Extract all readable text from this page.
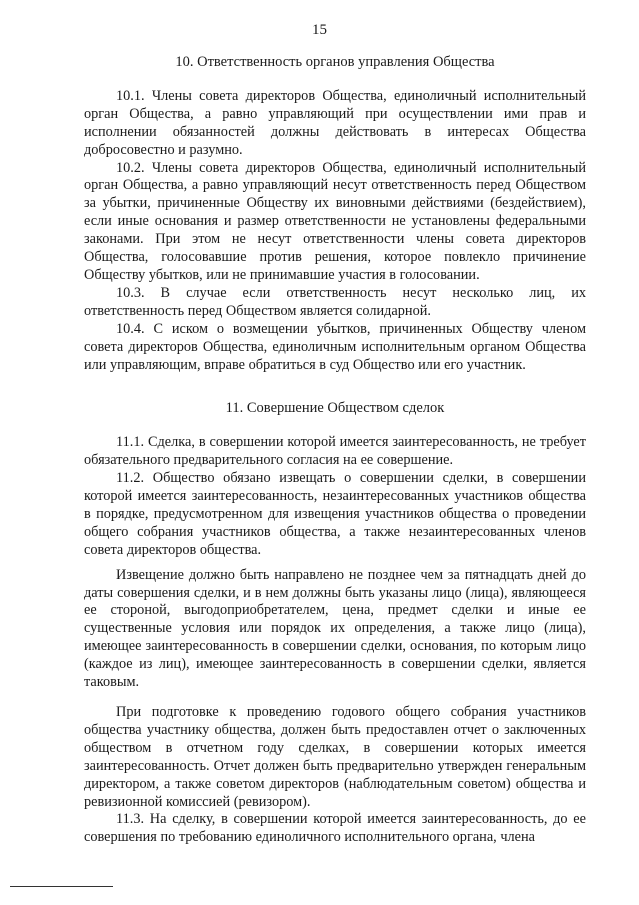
15
10. Ответственность органов управления Общества

10.1. Члены совета директоров Общества, единоличный исполнительный орган Общества, а равно управляющий при осуществлении ими прав и исполнении обязанностей должны действовать в интересах Общества добросовестно и разумно.

10.2. Члены совета директоров Общества, единоличный исполнительный орган Общества, а равно управляющий несут ответственность перед Обществом за убытки, причиненные Обществу их виновными действиями (бездействием), если иные основания и размер ответственности не установлены федеральными законами. При этом не несут ответственности члены совета директоров Общества, голосовавшие против решения, которое повлекло причинение Обществу убытков, или не принимавшие участия в голосовании.

10.3. В случае если ответственность несут несколько лиц, их ответственность перед Обществом является солидарной.

10.4. С иском о возмещении убытков, причиненных Обществу членом совета директоров Общества, единоличным исполнительным органом Общества или управляющим, вправе обратиться в суд Общество или его участник.

11. Совершение Обществом сделок

11.1. Сделка, в совершении которой имеется заинтересованность, не требует обязательного предварительного согласия на ее совершение.

11.2. Общество обязано извещать о совершении сделки, в совершении которой имеется заинтересованность, незаинтересованных участников общества в порядке, предусмотренном для извещения участников общества о проведении общего собрания участников общества, а также незаинтересованных членов совета директоров общества.

Извещение должно быть направлено не позднее чем за пятнадцать дней до даты совершения сделки, и в нем должны быть указаны лицо (лица), являющееся ее стороной, выгодоприобретателем, цена, предмет сделки и иные ее существенные условия или порядок их определения, а также лицо (лица), имеющее заинтересованность в совершении сделки, основания, по которым лицо (каждое из лиц), имеющее заинтересованность в совершении сделки, является таковым.

При подготовке к проведению годового общего собрания участников общества участнику общества, должен быть предоставлен отчет о заключенных обществом в отчетном году сделках, в совершении которых имеется заинтересованность. Отчет должен быть предварительно утвержден генеральным директором, а также советом директоров (наблюдательным советом) общества и ревизионной комиссией (ревизором).

11.3. На сделку, в совершении которой имеется заинтересованность, до ее совершения по требованию единоличного исполнительного органа, члена
